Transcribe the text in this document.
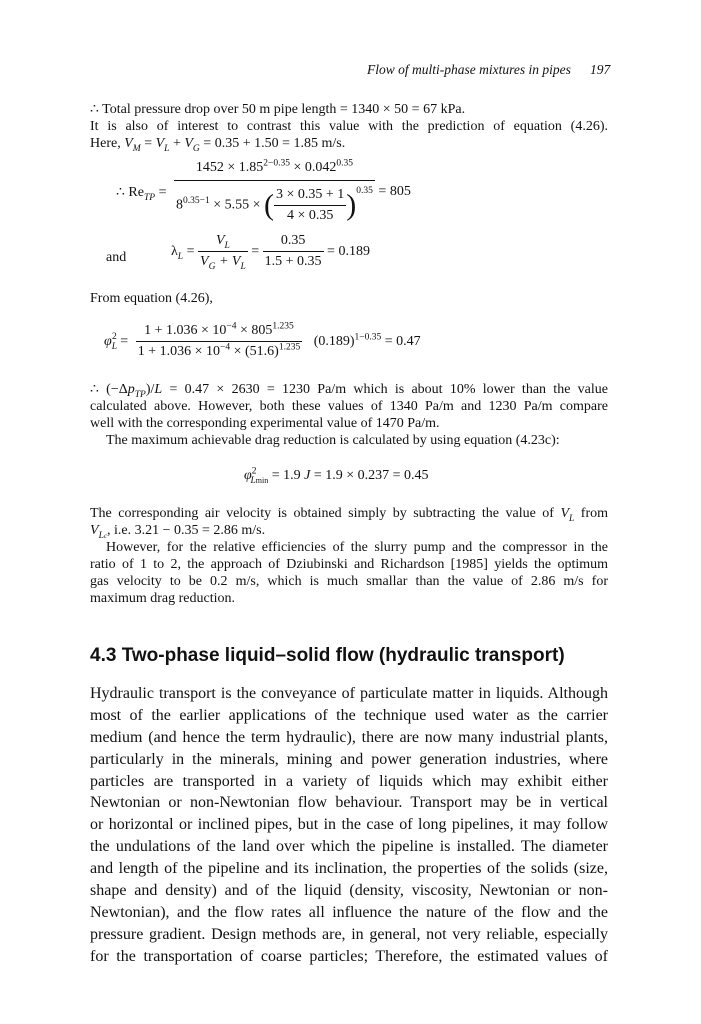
Flow of multi-phase mixtures in pipes 197
∴ Total pressure drop over 50 m pipe length = 1340 × 50 = 67 kPa.
It is also of interest to contrast this value with the prediction of equation (4.26).
Here, $V_M = V_L + V_G = 0.35 + 1.50 = 1.85$ m/s.
∴ $Re_{TP} = \frac{1452 \times 1.85^{2-0.35} \times 0.042^{0.35}}{8^{0.35-1} \times 5.55 \times ( \frac{3 \times 0.35 + 1}{4 \times 0.35} )^{0.35}} = 805$
and	$\lambda_L = \frac{V_L}{V_G + V_L} = \frac{0.35}{1.5 + 0.35} = 0.189$
From equation (4.26),
$\varphi_L^2 = \frac{1 + 1.036 \times 10^{-4} \times 805^{1.235}}{1 + 1.036 \times 10^{-4} \times (51.6)^{1.235}} (0.189)^{1-0.35} = 0.47$
∴ $(-\Delta p_{TP})/L = 0.47 \times 2630 = 1230$ Pa/m which is about 10% lower than the value
calculated above. However, both these values of 1340 Pa/m and 1230 Pa/m compare
well with the corresponding experimental value of 1470 Pa/m.
The maximum achievable drag reduction is calculated by using equation (4.23c):
$\varphi^2_{Lmin} = 1.9$ J = 1.9 × 0.237 = 0.45
The corresponding air velocity is obtained simply by subtracting the value of $V_L$ from
$V_{Lc}$, i.e. 3.21 − 0.35 = 2.86 m/s.
However, for the relative efficiencies of the slurry pump and the compressor in the
ratio of 1 to 2, the approach of Dziubinski and Richardson [1985] yields the optimum
gas velocity to be 0.2 m/s, which is much smallar than the value of 2.86 m/s for
maximum drag reduction.
4.3 Two-phase liquid–solid flow (hydraulic transport)
Hydraulic transport is the conveyance of particulate matter in liquids. Although
most of the earlier applications of the technique used water as the carrier
medium (and hence the term hydraulic), there are now many industrial plants,
particularly in the minerals, mining and power generation industries, where
particles are transported in a variety of liquids which may exhibit either
Newtonian or non-Newtonian flow behaviour. Transport may be in vertical
or horizontal or inclined pipes, but in the case of long pipelines, it may follow
the undulations of the land over which the pipeline is installed. The diameter
and length of the pipeline and its inclination, the properties of the solids (size,
shape and density) and of the liquid (density, viscosity, Newtonian or non-
Newtonian), and the flow rates all influence the nature of the flow and the
pressure gradient. Design methods are, in general, not very reliable, especially
for the transportation of coarse particles; Therefore, the estimated values of
